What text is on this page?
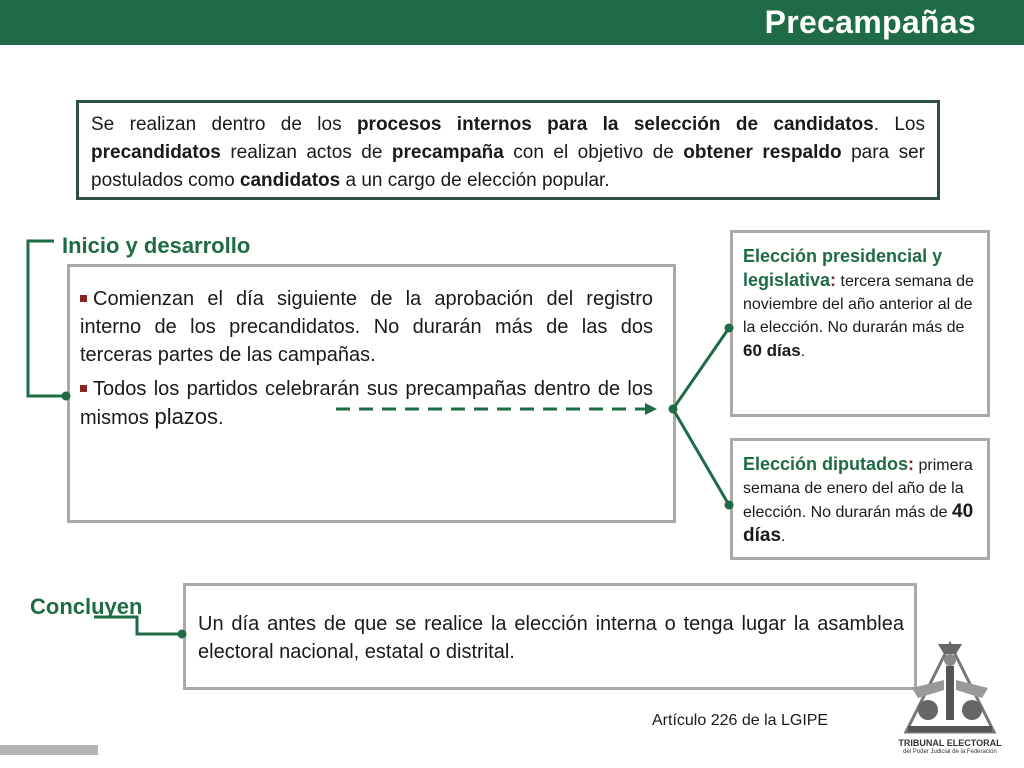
Precampañas
Se realizan dentro de los procesos internos para la selección de candidatos. Los precandidatos realizan actos de precampaña con el objetivo de obtener respaldo para ser postulados como candidatos a un cargo de elección popular.
Inicio y desarrollo
Comienzan el día siguiente de la aprobación del registro interno de los precandidatos. No durarán más de las dos terceras partes de las campañas.
Todos los partidos celebrarán sus precampañas dentro de los mismos plazos.
Elección presidencial y legislativa: tercera semana de noviembre del año anterior al de la elección. No durarán más de 60 días.
Elección diputados: primera semana de enero del año de la elección. No durarán más de 40 días.
Concluyen
Un día antes de que se realice la elección interna o tenga lugar la asamblea electoral nacional, estatal o distrital.
Artículo 226 de la LGIPE
TRIBUNAL ELECTORAL
del Poder Judicial de la Federación
